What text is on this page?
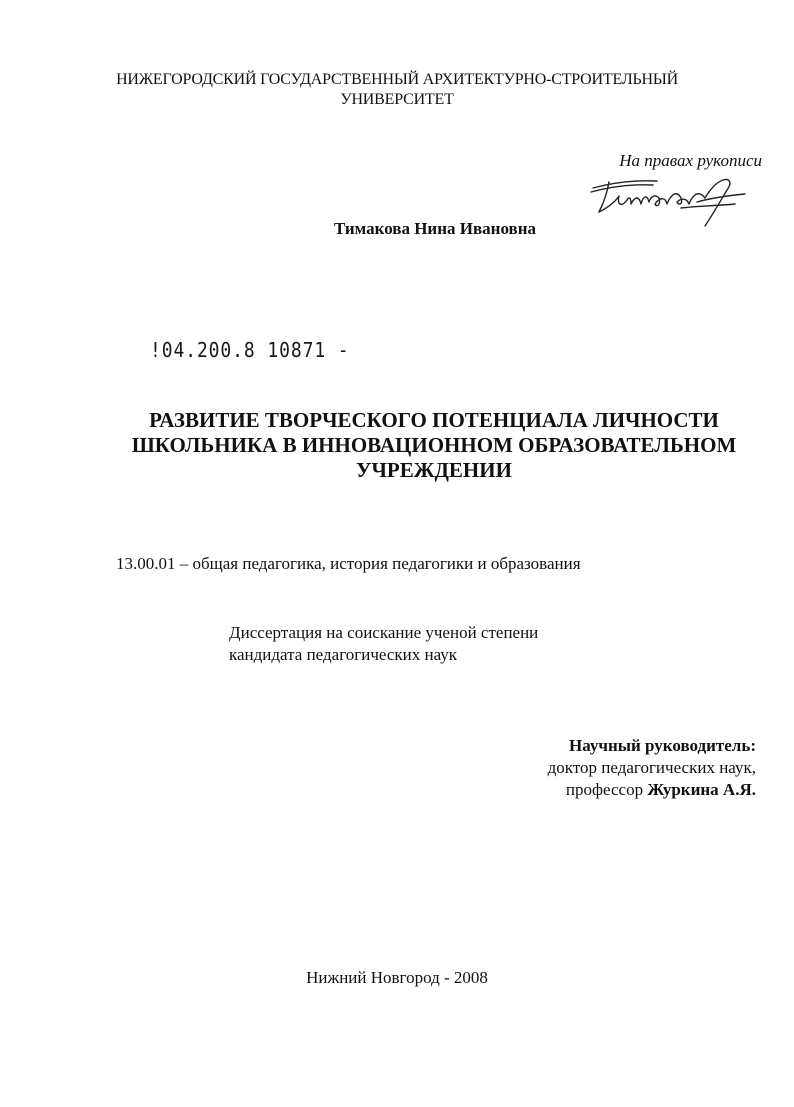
НИЖЕГОРОДСКИЙ ГОСУДАРСТВЕННЫЙ АРХИТЕКТУРНО-СТРОИТЕЛЬНЫЙ
УНИВЕРСИТЕТ
На правах рукописи
Тимакова Нина Ивановна
!04.200.8 10871 -
РАЗВИТИЕ ТВОРЧЕСКОГО ПОТЕНЦИАЛА ЛИЧНОСТИ
ШКОЛЬНИКА В ИННОВАЦИОННОМ ОБРАЗОВАТЕЛЬНОМ
УЧРЕЖДЕНИИ
13.00.01 – общая педагогика, история педагогики и образования
Диссертация на соискание ученой степени
кандидата педагогических наук
Научный руководитель:
доктор педагогических наук,
профессор Журкина А.Я.
Нижний Новгород - 2008
